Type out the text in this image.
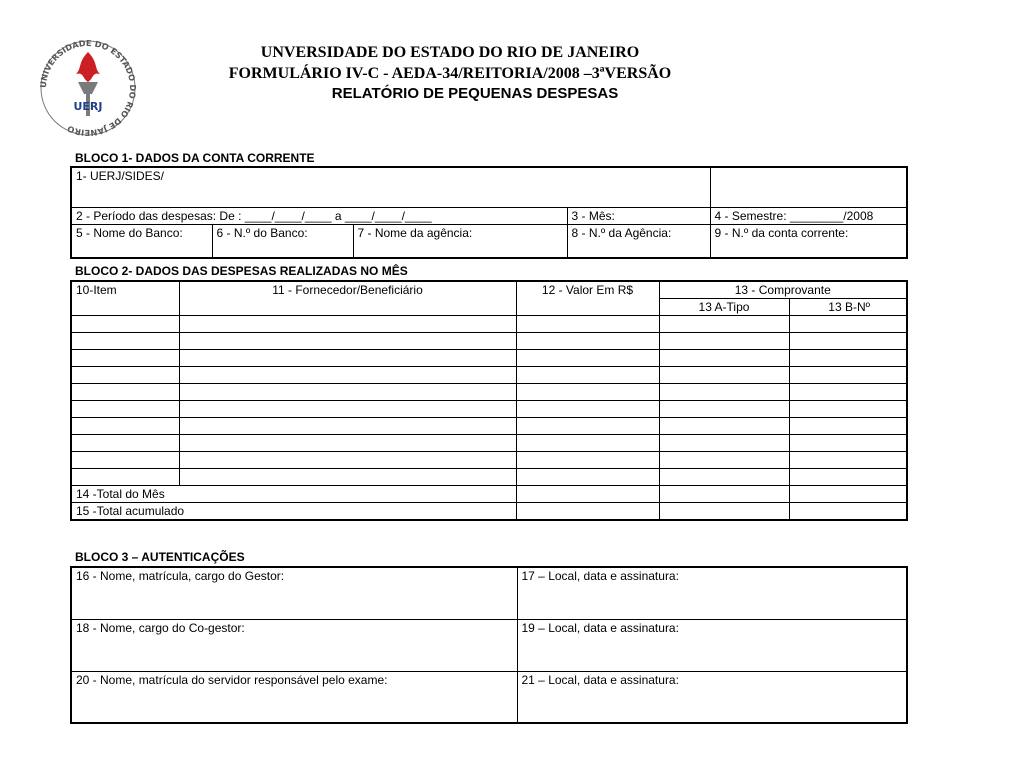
UNIVERSIDADE DO ESTADO DO RIO DE JANEIRO
UERJ
UNVERSIDADE DO ESTADO DO RIO DE JANEIRO
FORMULÁRIO IV-C - AEDA-34/REITORIA/2008 –3ªVERSÃO
RELATÓRIO DE PEQUENAS DESPESAS
BLOCO 1- DADOS DA CONTA CORRENTE
1- UERJ/SIDES/				
2 - Período das despesas: De : ____/____/____ a ____/____/____			3 - Mês:	4 - Semestre: ________/2008
5 - Nome do Banco:	6 - N.º do Banco:	7 - Nome da agência:	8 - N.º da Agência:	9 - N.º da conta corrente:
BLOCO 2- DADOS DAS DESPESAS REALIZADAS NO MÊS
10-Item	11 - Fornecedor/Beneficiário	12 - Valor Em R$	13 - Comprovante	
			13 A-Tipo	13 B-Nº

14 -Total do Mês				
15 -Total acumulado				
BLOCO 3 – AUTENTICAÇÕES
16 - Nome, matrícula, cargo do Gestor:	17 – Local, data e assinatura:
18 - Nome, cargo do Co-gestor:	19 – Local, data e assinatura:
20 - Nome, matrícula do servidor responsável pelo exame:	21 – Local, data e assinatura:
